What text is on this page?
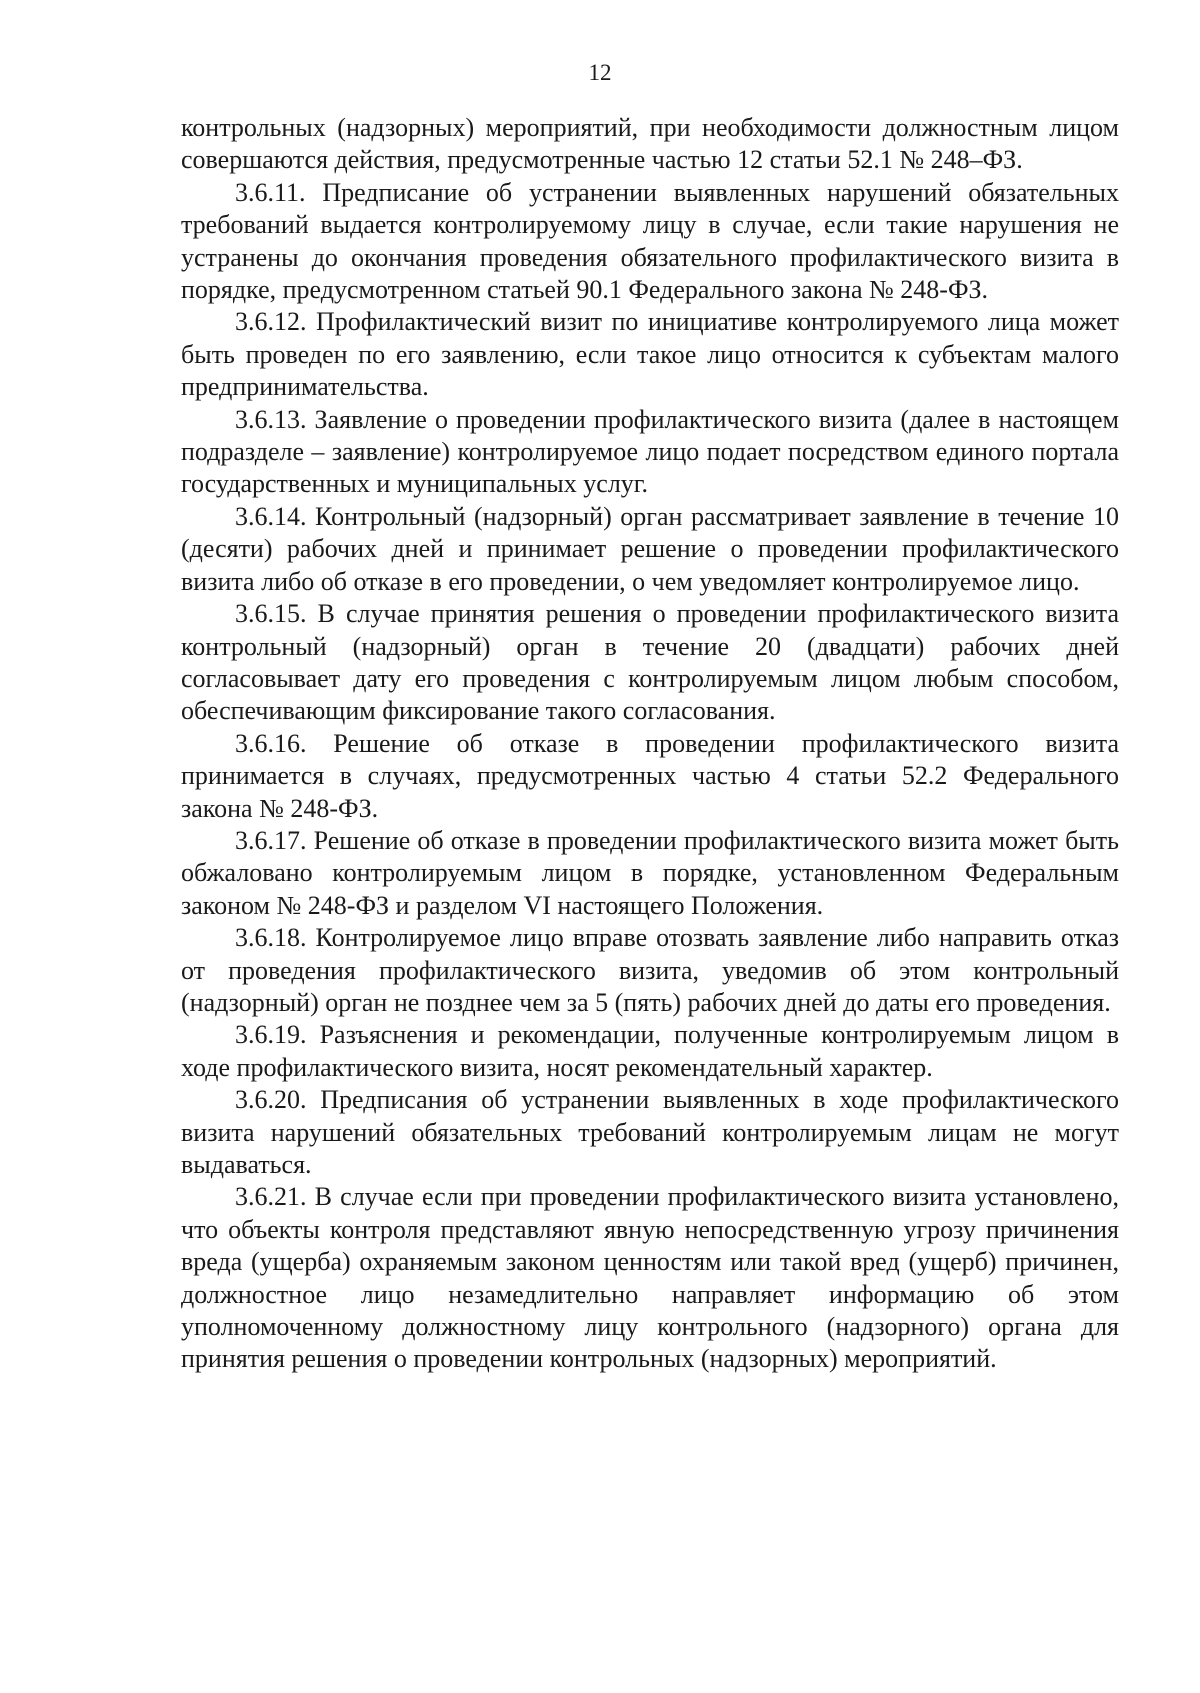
12

контрольных (надзорных) мероприятий, при необходимости должностным лицом совершаются действия, предусмотренные частью 12 статьи 52.1 № 248–ФЗ.

3.6.11. Предписание об устранении выявленных нарушений обязательных требований выдается контролируемому лицу в случае, если такие нарушения не устранены до окончания проведения обязательного профилактического визита в порядке, предусмотренном статьей 90.1 Федерального закона № 248-ФЗ.

3.6.12. Профилактический визит по инициативе контролируемого лица может быть проведен по его заявлению, если такое лицо относится к субъектам малого предпринимательства.

3.6.13. Заявление о проведении профилактического визита (далее в настоящем подразделе – заявление) контролируемое лицо подает посредством единого портала государственных и муниципальных услуг.

3.6.14. Контрольный (надзорный) орган рассматривает заявление в течение 10 (десяти) рабочих дней и принимает решение о проведении профилактического визита либо об отказе в его проведении, о чем уведомляет контролируемое лицо.

3.6.15. В случае принятия решения о проведении профилактического визита контрольный (надзорный) орган в течение 20 (двадцати) рабочих дней согласовывает дату его проведения с контролируемым лицом любым способом, обеспечивающим фиксирование такого согласования.

3.6.16. Решение об отказе в проведении профилактического визита принимается в случаях, предусмотренных частью 4 статьи 52.2 Федерального закона № 248-ФЗ.

3.6.17. Решение об отказе в проведении профилактического визита может быть обжаловано контролируемым лицом в порядке, установленном Федеральным законом № 248-ФЗ и разделом VI настоящего Положения.

3.6.18. Контролируемое лицо вправе отозвать заявление либо направить отказ от проведения профилактического визита, уведомив об этом контрольный (надзорный) орган не позднее чем за 5 (пять) рабочих дней до даты его проведения.

3.6.19. Разъяснения и рекомендации, полученные контролируемым лицом в ходе профилактического визита, носят рекомендательный характер.

3.6.20. Предписания об устранении выявленных в ходе профилактического визита нарушений обязательных требований контролируемым лицам не могут выдаваться.

3.6.21. В случае если при проведении профилактического визита установлено, что объекты контроля представляют явную непосредственную угрозу причинения вреда (ущерба) охраняемым законом ценностям или такой вред (ущерб) причинен, должностное лицо незамедлительно направляет информацию об этом уполномоченному должностному лицу контрольного (надзорного) органа для принятия решения о проведении контрольных (надзорных) мероприятий.
